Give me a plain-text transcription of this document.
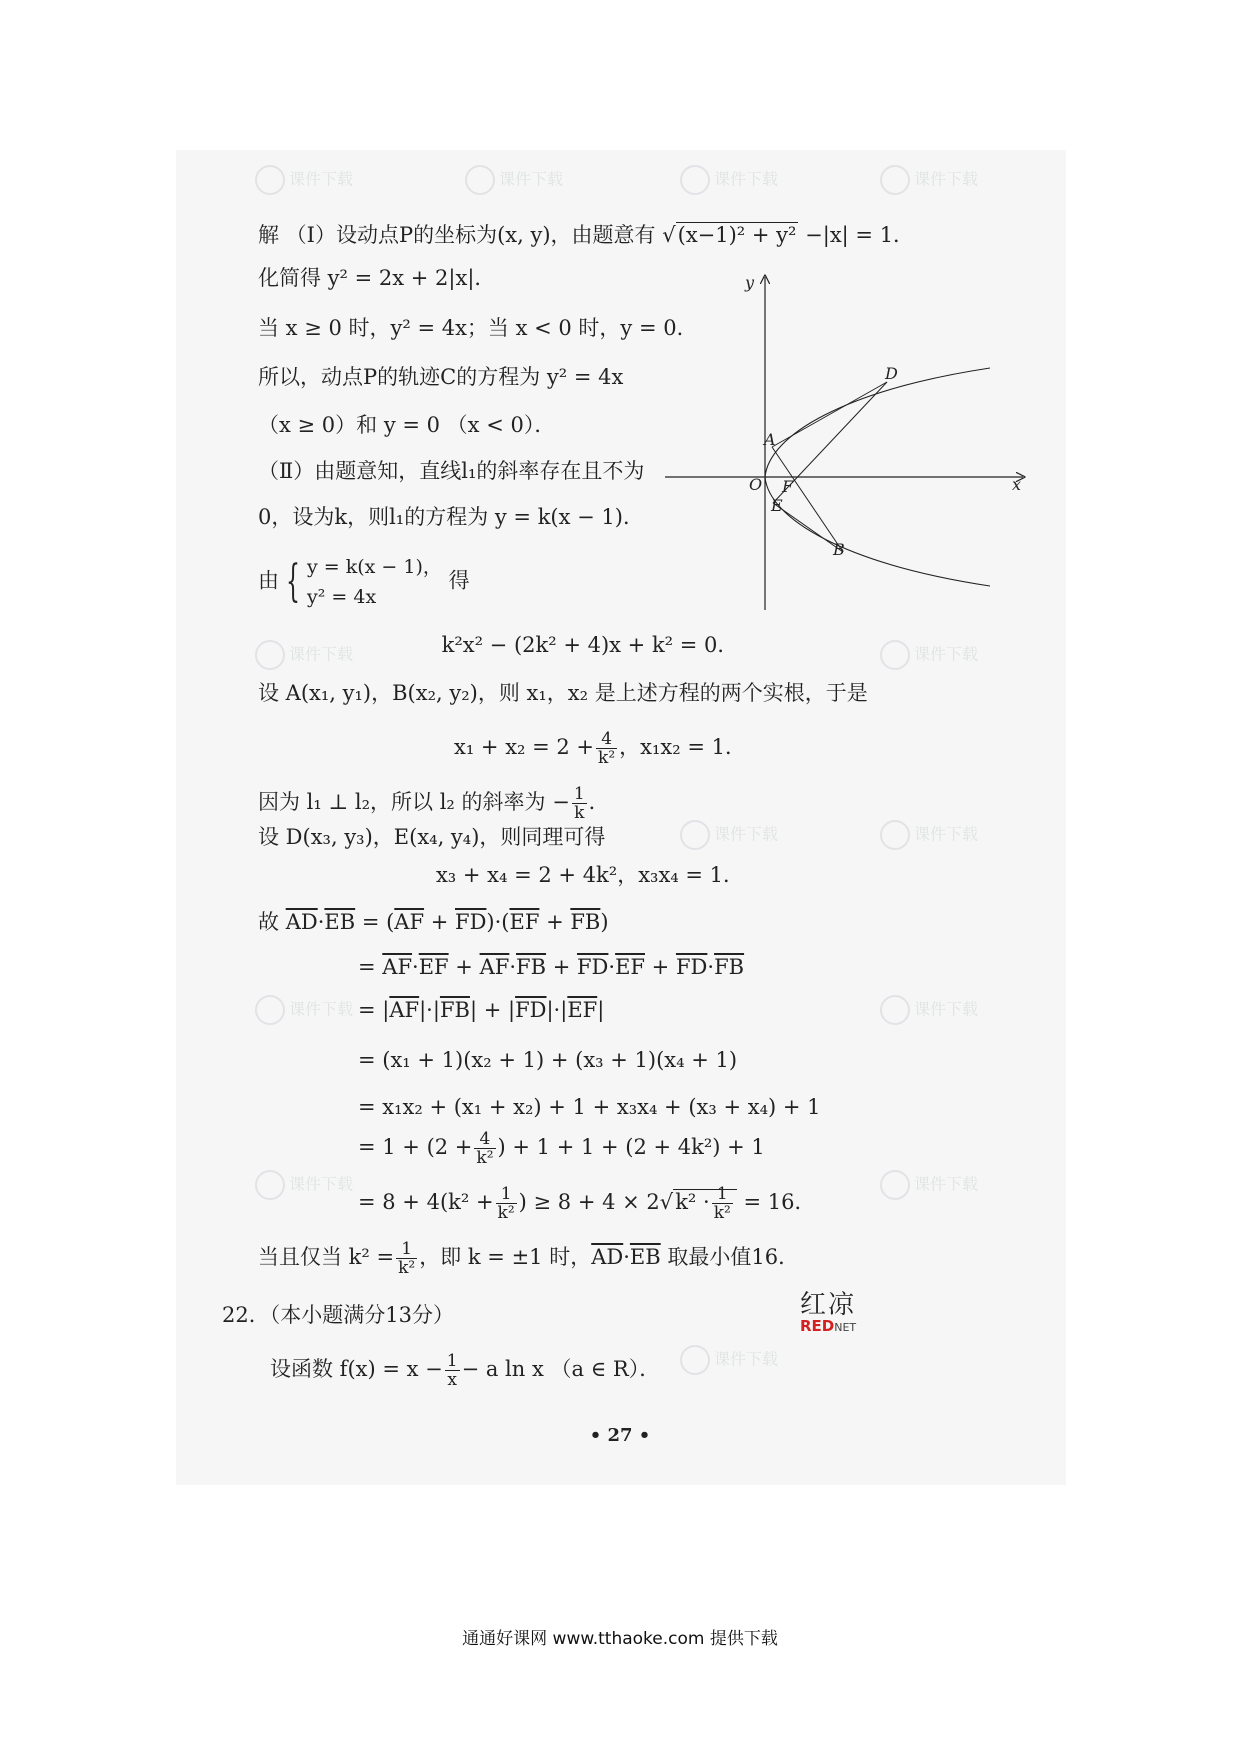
课件下载	课件下载	课件下载	课件下载
课件下载	课件下载
课件下载	课件下载
课件下载	课件下载
课件下载	课件下载
课件下载
解 （Ⅰ）设动点P的坐标为(x, y)，由题意有 √(x−1)² + y² −|x| = 1．
化简得 y² = 2x + 2|x|．
当 x ≥ 0 时，y² = 4x；当 x < 0 时，y = 0．
所以，动点P的轨迹C的方程为 y² = 4x
（x ≥ 0）和 y = 0 （x < 0）．
（Ⅱ）由题意知，直线l₁的斜率存在且不为
0，设为k，则l₁的方程为 y = k(x − 1)．
由 { y = k(x − 1)，
y² = 4x
得
k²x² − (2k² + 4)x + k² = 0．
设 A(x₁, y₁)，B(x₂, y₂)，则 x₁，x₂ 是上述方程的两个实根，于是
$x_1 + x_2 = 2 + \frac{4}{\text{k²}}$ ，x₁x₂ = 1．
因为 l₁ ⊥ l₂，所以 l₂ 的斜率为 − $\frac{1}{k}$ ．
设 D(x₃, y₃)，E(x₄, y₄)，则同理可得
x₃ + x₄ = 2 + 4k²，x₃x₄ = 1．
故 $\overline{AD}\cdot\overline{EB} = (\overline{AF} + \overline{FD})\cdot(\overline{EF} + \overline{FB})$
= $\overline{AF}\cdot\overline{EF} + \overline{AF}\cdot\overline{FB} + \overline{FD}\cdot\overline{EF} + \overline{FD}\cdot\overline{FB}$
= $|\overline{AF}|\cdot|\overline{FB}| + |\overline{FD}|\cdot|\overline{EF}|$
= (x₁ + 1)(x₂ + 1) + (x₃ + 1)(x₄ + 1)
= x₁x₂ + (x₁ + x₂) + 1 + x₃x₄ + (x₃ + x₄) + 1
= $1 + (2 + \frac{4}{\text{k²}}$ ) + 1 + 1 + (2 + 4k²) + 1
= $8 + 4(k^2 + \frac{1}{\text{k²}}$ ) ≥ $8 + 4 \times 2√k^2 \cdot \frac{1}{\text{k²}} = 16$．
当且仅当 $k^2 = \frac{1}{\text{k²}}$ ，即 k = ±1 时，$\overline{AD}\cdot\overline{EB}$ 取最小值16．
22．（本小题满分13分）
设函数 $f(x) = x - \frac{1}{x} - a$ ln x （a ∈ R）．
x
y
O F
A
E
D
B
红凉
REDNET
• 27 •
通通好课网 www.tthaoke.com 提供下载
